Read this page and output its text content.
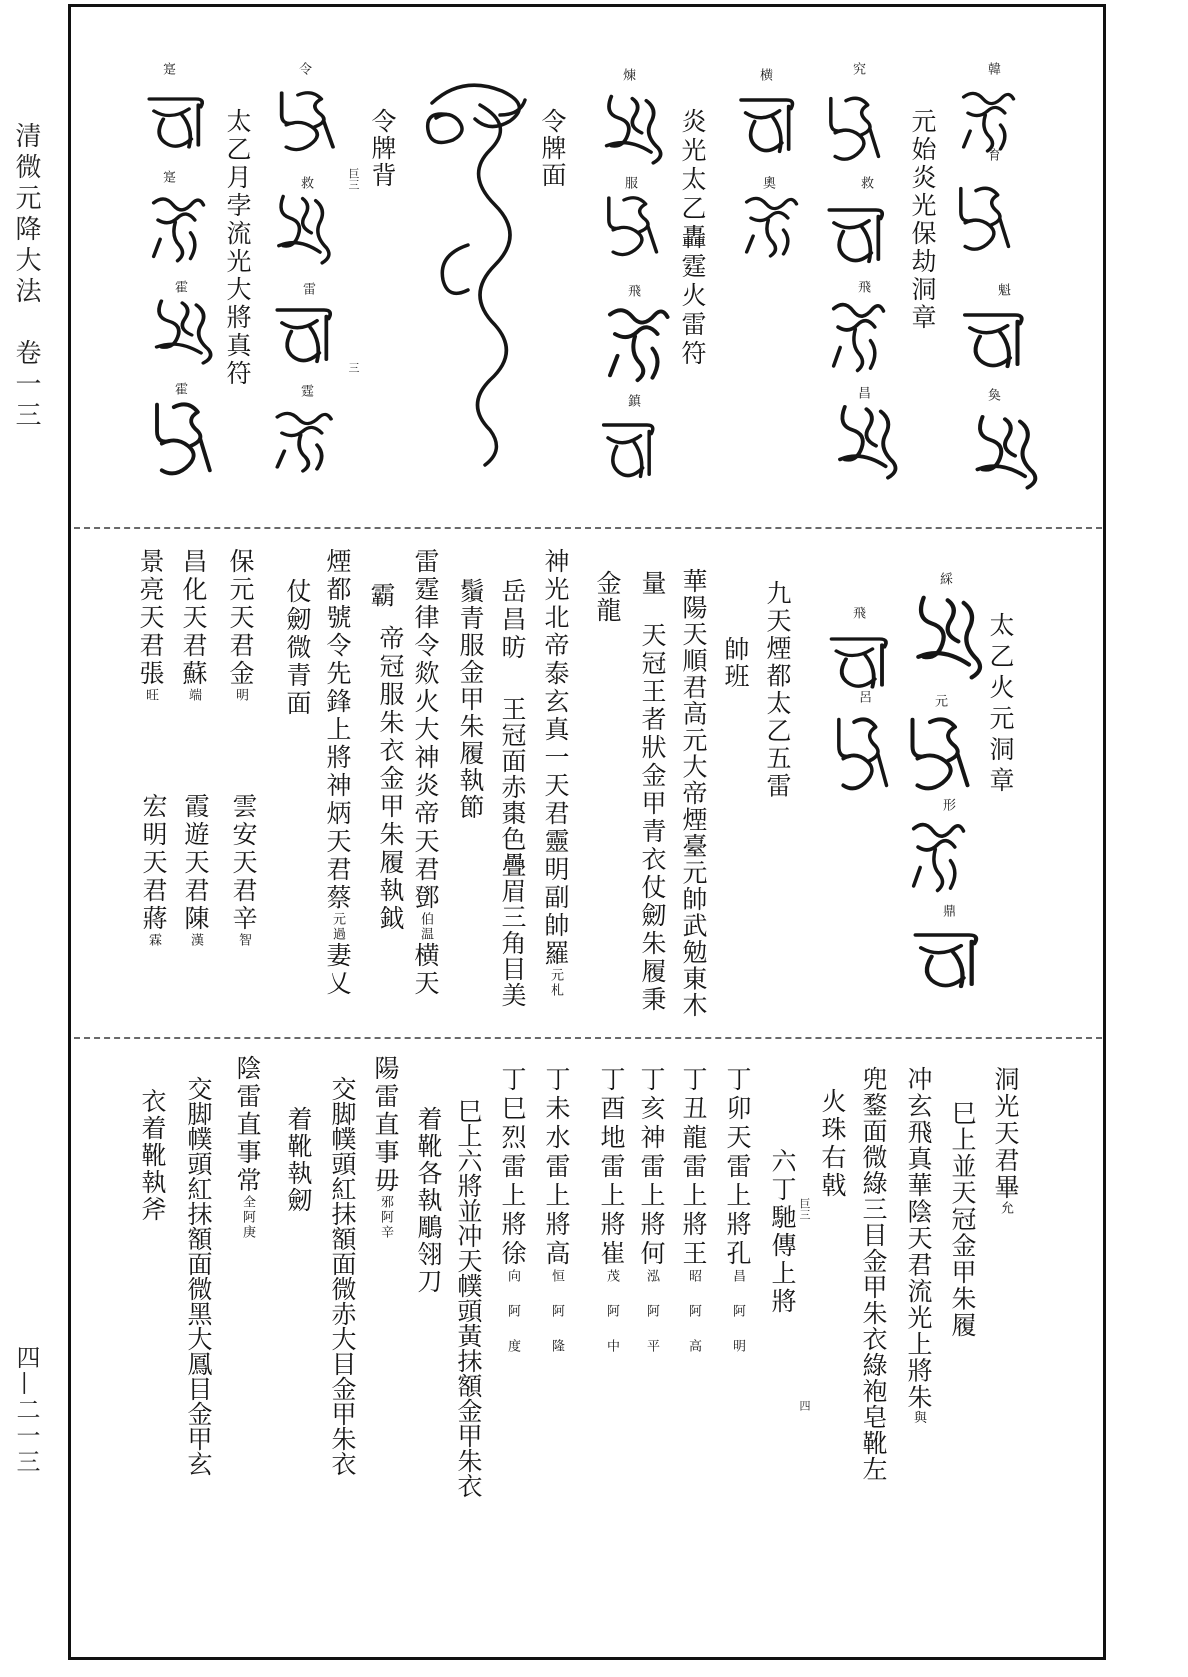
清微元降大法　卷一三
四—二一三
元始炎光保劫洞章
炎光太乙轟霆火雷符
令牌面
令牌背
太乙月孛流光大將真符	巨三
三
韓
育
魁
奐
究
救
飛
昌
横
奧
煉
服
飛
鎮
令
救
雷
霆
寔
寔
霍
霍
太乙火元洞章
九天煙都太乙五雷
帥班
華陽天順君高元大帝煙臺元帥武勉東木
量
天冠王者狀金甲青衣仗劒朱履秉
金龍
神光北帝泰玄真一天君靈明副帥羅元札
岳昌昉
王冠面赤棗色疊眉三角目美
鬚青服金甲朱履執節
雷霆律令欻火大神炎帝天君鄧伯温横天
霸
帝冠服朱衣金甲朱履執鉞
煙都號令先鋒上將神炳天君蔡元過妻乂
仗劒微青面
保元天君金明
昌化天君蘇端
景亮天君張旺
雲安天君辛智
霞遊天君陳漢
宏明天君蔣霖
綵
元
形
鼎
飛
呂
洞光天君畢允
巳上並天冠金甲朱履
冲玄飛真華陰天君流光上將朱與
兜鍪面微綠三目金甲朱衣綠袍皂靴左
火珠右戟
巨三
四
六丁馳傳上將
丁卯天雷上將孔昌阿明
丁丑龍雷上將王昭阿高
丁亥神雷上將何泓阿平
丁酉地雷上將崔茂阿中
丁未水雷上將高恒阿隆
丁巳烈雷上將徐向阿度
巳上六將並冲天幞頭黃抹額金甲朱衣
着靴各執鵰翎刀
陽雷直事毋邪阿辛
交脚幞頭紅抹額面微赤大目金甲朱衣
着靴執劒
陰雷直事常全阿庚
交脚幞頭紅抹額面微黑大鳳目金甲玄
衣着靴執斧
